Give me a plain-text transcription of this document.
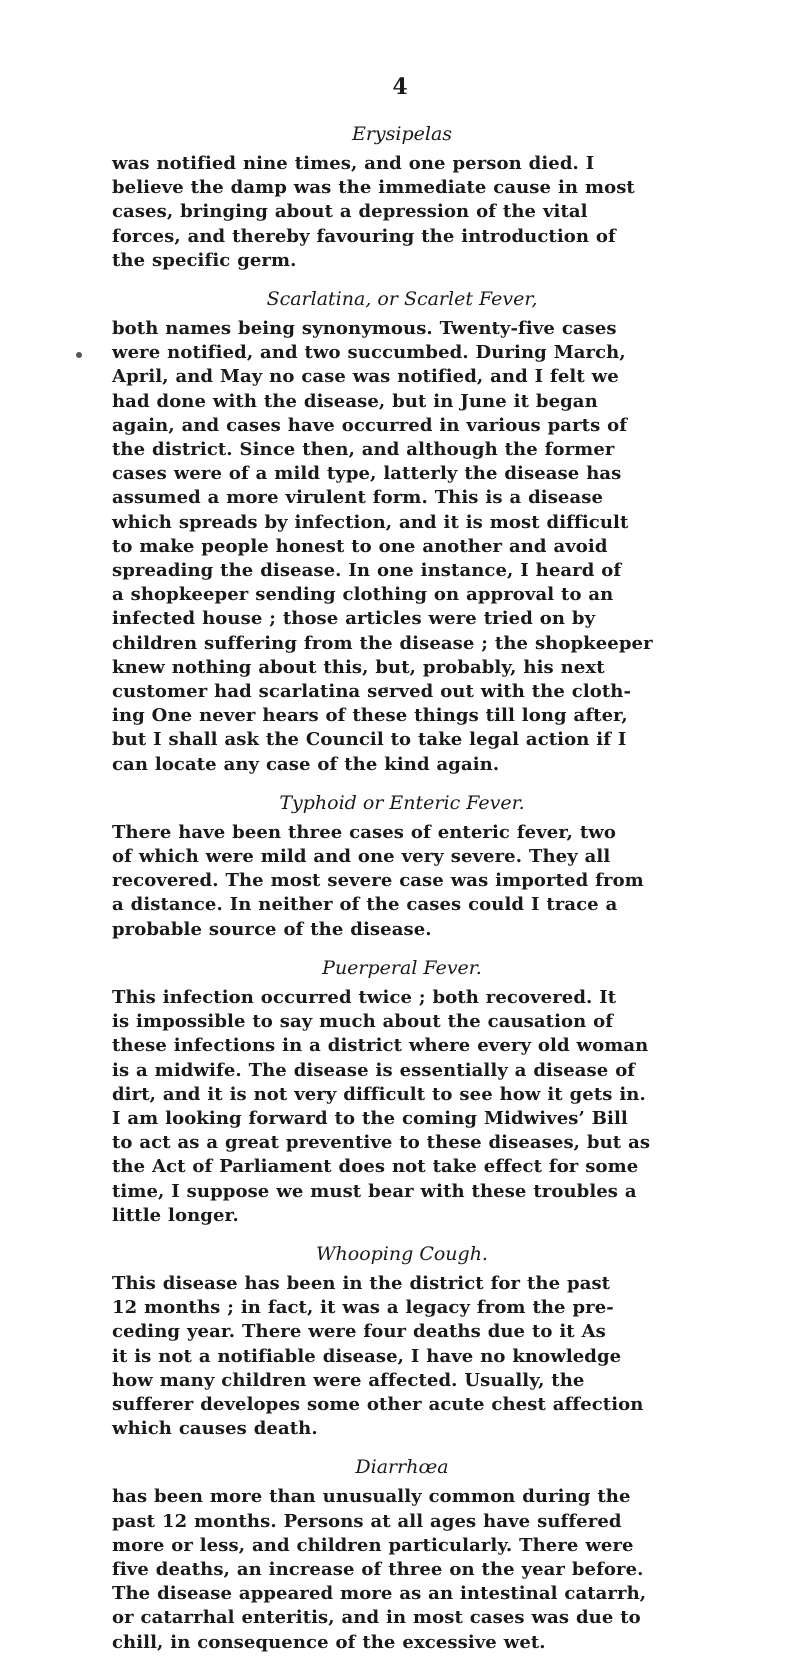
4
Erysipelas
was notified nine times, and one person died. I
believe the damp was the immediate cause in most
cases, bringing about a depression of the vital
forces, and thereby favouring the introduction of
the specific germ.
Scarlatina, or Scarlet Fever,
both names being synonymous. Twenty-five cases
were notified, and two succumbed. During March,
April, and May no case was notified, and I felt we
had done with the disease, but in June it began
again, and cases have occurred in various parts of
the district. Since then, and although the former
cases were of a mild type, latterly the disease has
assumed a more virulent form. This is a disease
which spreads by infection, and it is most difficult
to make people honest to one another and avoid
spreading the disease. In one instance, I heard of
a shopkeeper sending clothing on approval to an
infected house ; those articles were tried on by
children suffering from the disease ; the shopkeeper
knew nothing about this, but, probably, his next
customer had scarlatina served out with the cloth-
ing One never hears of these things till long after,
but I shall ask the Council to take legal action if I
can locate any case of the kind again.
Typhoid or Enteric Fever.
There have been three cases of enteric fever, two
of which were mild and one very severe. They all
recovered. The most severe case was imported from
a distance. In neither of the cases could I trace a
probable source of the disease.
Puerperal Fever.
This infection occurred twice ; both recovered. It
is impossible to say much about the causation of
these infections in a district where every old woman
is a midwife. The disease is essentially a disease of
dirt, and it is not very difficult to see how it gets in.
I am looking forward to the coming Midwives’ Bill
to act as a great preventive to these diseases, but as
the Act of Parliament does not take effect for some
time, I suppose we must bear with these troubles a
little longer.
Whooping Cough.
This disease has been in the district for the past
12 months ; in fact, it was a legacy from the pre-
ceding year. There were four deaths due to it As
it is not a notifiable disease, I have no knowledge
how many children were affected. Usually, the
sufferer developes some other acute chest affection
which causes death.
Diarrhœa
has been more than unusually common during the
past 12 months. Persons at all ages have suffered
more or less, and children particularly. There were
five deaths, an increase of three on the year before.
The disease appeared more as an intestinal catarrh,
or catarrhal enteritis, and in most cases was due to
chill, in consequence of the excessive wet.
